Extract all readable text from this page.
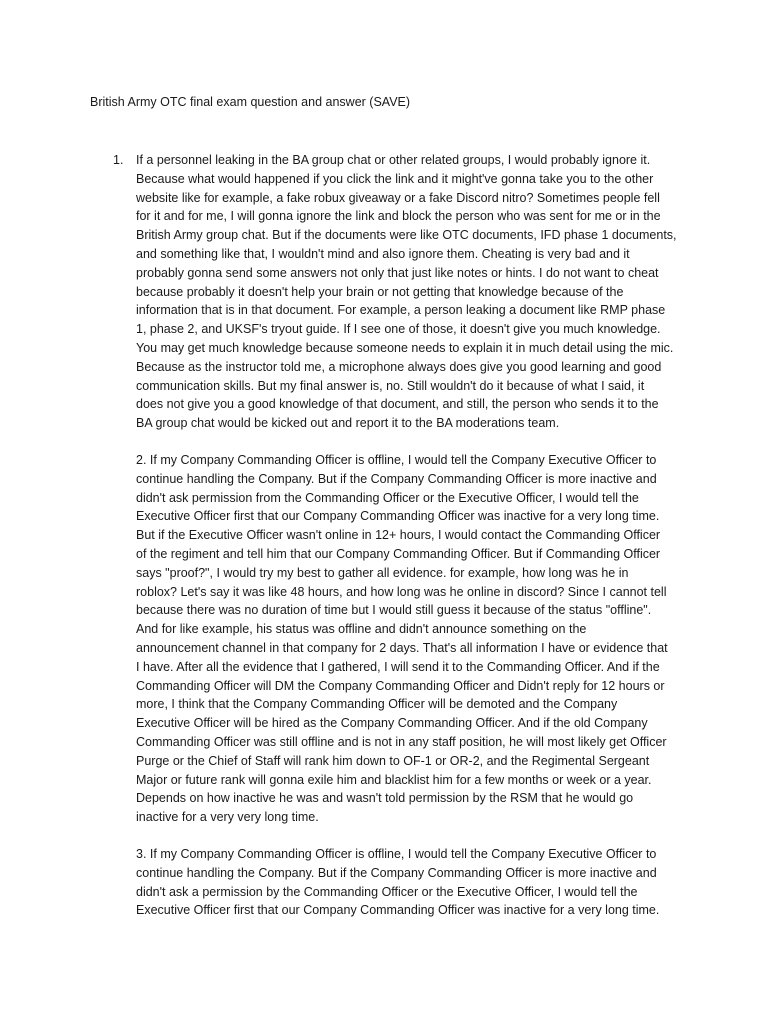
British Army OTC final exam question and answer (SAVE)
1. If a personnel leaking in the BA group chat or other related groups, I would probably ignore it.
Because what would happened if you click the link and it might've gonna take you to the other
website like for example, a fake robux giveaway or a fake Discord nitro? Sometimes people fell
for it and for me, I will gonna ignore the link and block the person who was sent for me or in the
British Army group chat. But if the documents were like OTC documents, IFD phase 1 documents,
and something like that, I wouldn't mind and also ignore them. Cheating is very bad and it
probably gonna send some answers not only that just like notes or hints. I do not want to cheat
because probably it doesn't help your brain or not getting that knowledge because of the
information that is in that document. For example, a person leaking a document like RMP phase
1, phase 2, and UKSF's tryout guide. If I see one of those, it doesn't give you much knowledge.
You may get much knowledge because someone needs to explain it in much detail using the mic.
Because as the instructor told me, a microphone always does give you good learning and good
communication skills. But my final answer is, no. Still wouldn't do it because of what I said, it
does not give you a good knowledge of that document, and still, the person who sends it to the
BA group chat would be kicked out and report it to the BA moderations team.

2. If my Company Commanding Officer is offline, I would tell the Company Executive Officer to
continue handling the Company. But if the Company Commanding Officer is more inactive and
didn't ask permission from the Commanding Officer or the Executive Officer, I would tell the
Executive Officer first that our Company Commanding Officer was inactive for a very long time.
But if the Executive Officer wasn't online in 12+ hours, I would contact the Commanding Officer
of the regiment and tell him that our Company Commanding Officer. But if Commanding Officer
says "proof?", I would try my best to gather all evidence. for example, how long was he in
roblox? Let's say it was like 48 hours, and how long was he online in discord? Since I cannot tell
because there was no duration of time but I would still guess it because of the status "offline".
And for like example, his status was offline and didn't announce something on the
announcement channel in that company for 2 days. That's all information I have or evidence that
I have. After all the evidence that I gathered, I will send it to the Commanding Officer. And if the
Commanding Officer will DM the Company Commanding Officer and Didn't reply for 12 hours or
more, I think that the Company Commanding Officer will be demoted and the Company
Executive Officer will be hired as the Company Commanding Officer. And if the old Company
Commanding Officer was still offline and is not in any staff position, he will most likely get Officer
Purge or the Chief of Staff will rank him down to OF-1 or OR-2, and the Regimental Sergeant
Major or future rank will gonna exile him and blacklist him for a few months or week or a year.
Depends on how inactive he was and wasn't told permission by the RSM that he would go
inactive for a very very long time.

3. If my Company Commanding Officer is offline, I would tell the Company Executive Officer to
continue handling the Company. But if the Company Commanding Officer is more inactive and
didn't ask a permission by the Commanding Officer or the Executive Officer, I would tell the
Executive Officer first that our Company Commanding Officer was inactive for a very long time.
